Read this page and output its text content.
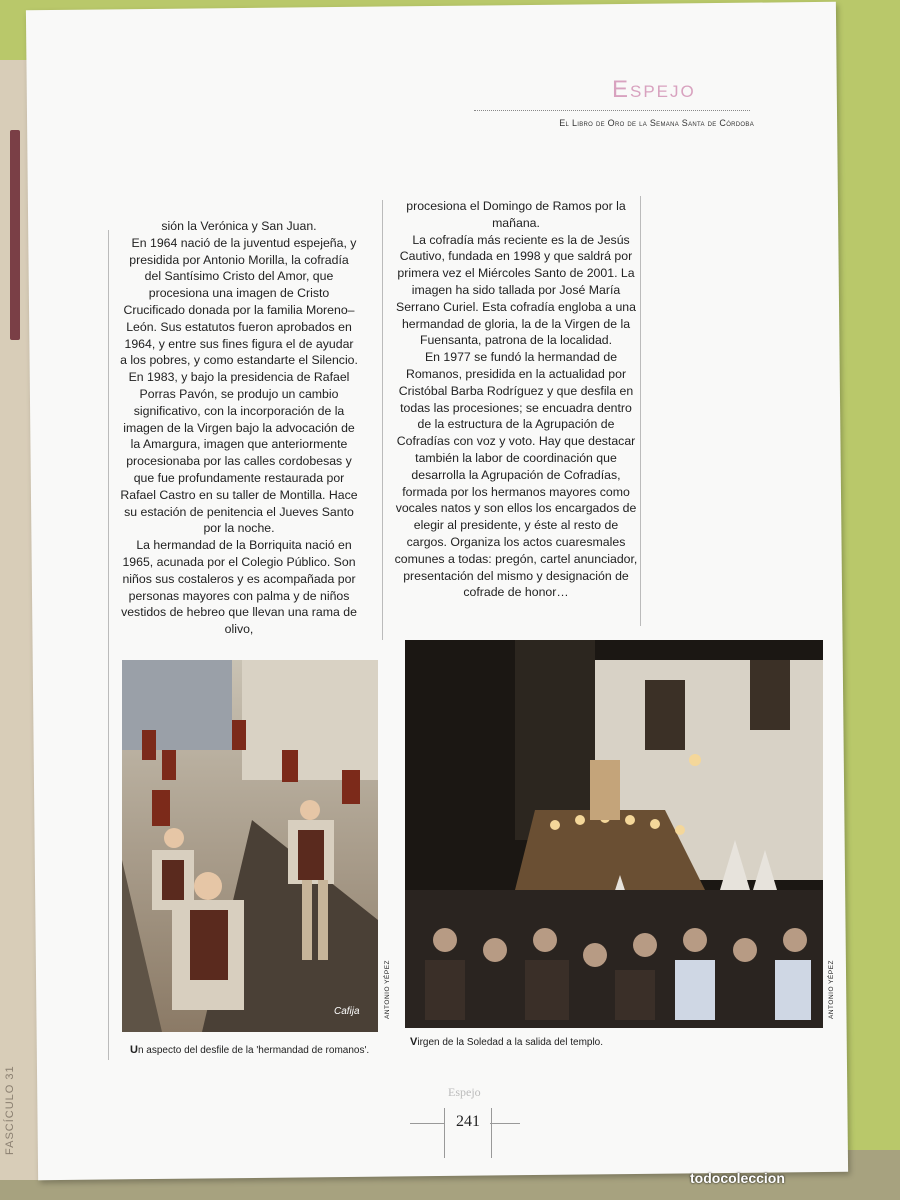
FASCÍCULO 31
Espejo
El Libro de Oro de la Semana Santa de Córdoba

sión la Verónica y San Juan.

En 1964 nació de la juventud espejeña, y presidida por Antonio Morilla, la cofradía del Santísimo Cristo del Amor, que procesiona una imagen de Cristo Crucificado donada por la familia Moreno–León. Sus estatutos fueron aprobados en 1964, y entre sus fines figura el de ayudar a los pobres, y como estandarte el Silencio. En 1983, y bajo la presidencia de Rafael Porras Pavón, se produjo un cambio significativo, con la incorporación de la imagen de la Virgen bajo la advocación de la Amargura, imagen que anteriormente procesionaba por las calles cordobesas y que fue profundamente restaurada por Rafael Castro en su taller de Montilla. Hace su estación de penitencia el Jueves Santo por la noche.

La hermandad de la Borriquita nació en 1965, acunada por el Colegio Público. Son niños sus costaleros y es acompañada por personas mayores con palma y de niños vestidos de hebreo que llevan una rama de olivo,

procesiona el Domingo de Ramos por la mañana.

La cofradía más reciente es la de Jesús Cautivo, fundada en 1998 y que saldrá por primera vez el Miércoles Santo de 2001. La imagen ha sido tallada por José María Serrano Curiel. Esta cofradía engloba a una hermandad de gloria, la de la Virgen de la Fuensanta, patrona de la localidad.

En 1977 se fundó la hermandad de Romanos, presidida en la actualidad por Cristóbal Barba Rodríguez y que desfila en todas las procesiones; se encuadra dentro de la estructura de la Agrupación de Cofradías con voz y voto. Hay que destacar también la labor de coordinación que desarrolla la Agrupación de Cofradías, formada por los hermanos mayores como vocales natos y son ellos los encargados de elegir al presidente, y éste al resto de cargos. Organiza los actos cuaresmales comunes a todas: pregón, cartel anunciador, presentación del mismo y designación de cofrade de honor…

ANTONIO YÉPEZ
Cafija
Un aspecto del desfile de la 'hermandad de romanos'.
ANTONIO YÉPEZ
Virgen de la Soledad a la salida del templo.
Espejo
241
todocoleccion
